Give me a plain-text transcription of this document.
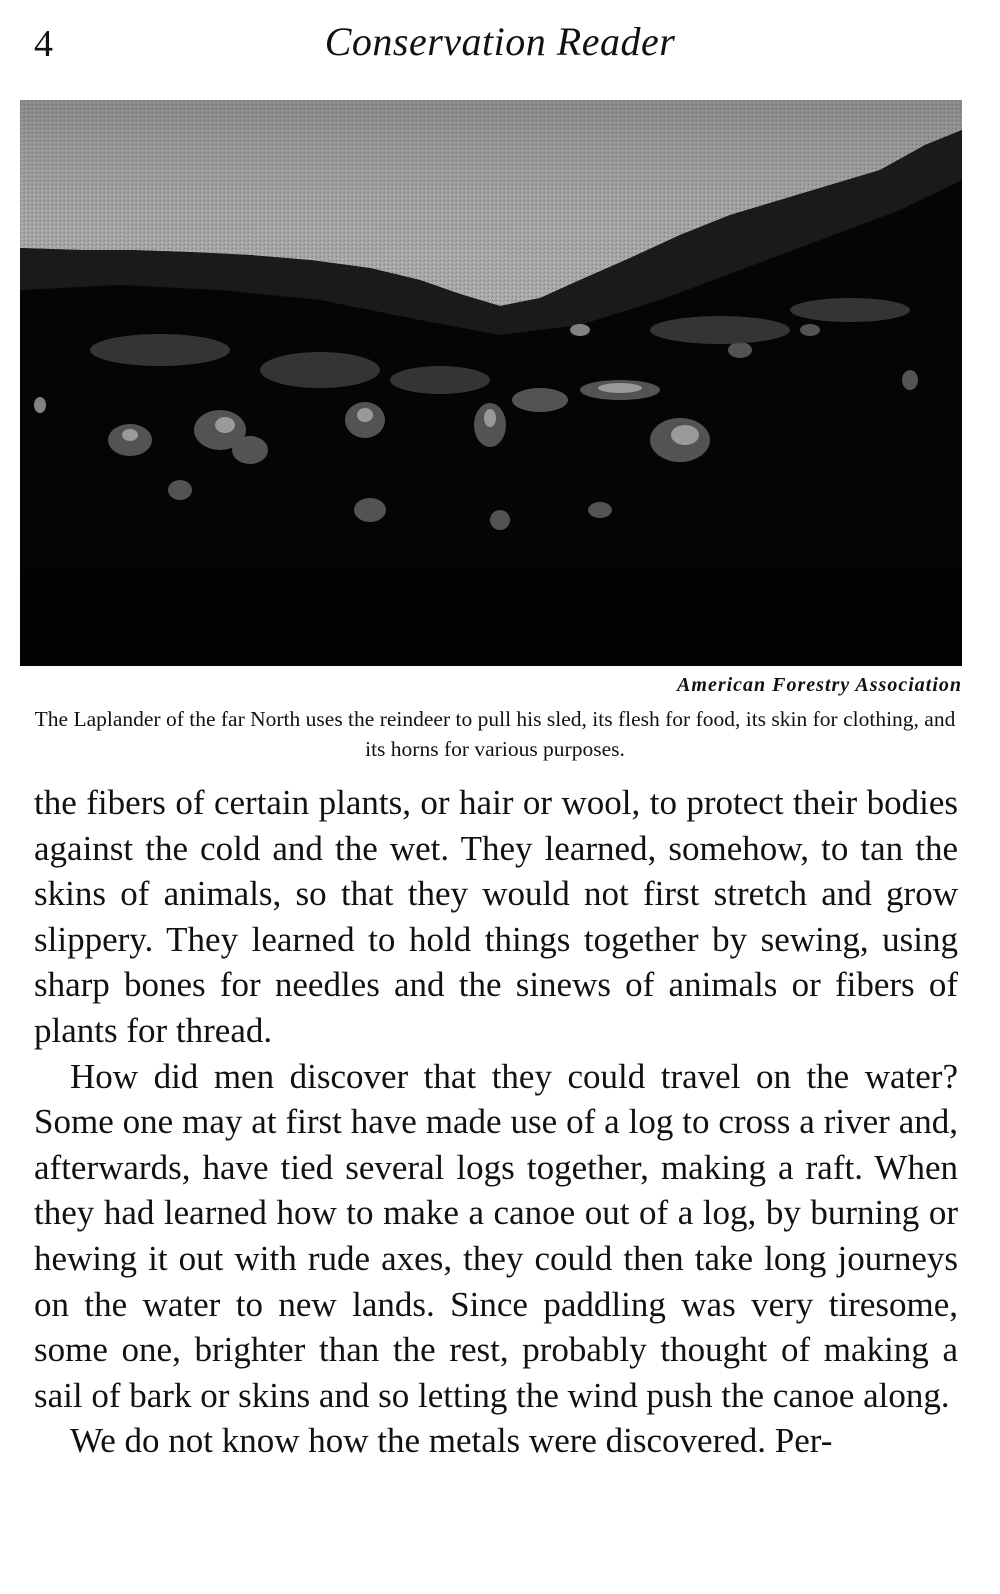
4	Conservation Reader
American Forestry Association
The Laplander of the far North uses the reindeer to pull his sled, its flesh for food, its skin for clothing, and its horns for various purposes.

the fibers of certain plants, or hair or wool, to protect their bodies against the cold and the wet. They learned, somehow, to tan the skins of animals, so that they would not first stretch and grow slippery. They learned to hold things together by sewing, using sharp bones for needles and the sinews of animals or fibers of plants for thread.

How did men discover that they could travel on the water? Some one may at first have made use of a log to cross a river and, afterwards, have tied several logs together, making a raft. When they had learned how to make a canoe out of a log, by burning or hewing it out with rude axes, they could then take long journeys on the water to new lands. Since paddling was very tiresome, some one, brighter than the rest, probably thought of making a sail of bark or skins and so letting the wind push the canoe along.

We do not know how the metals were discovered. Per-
